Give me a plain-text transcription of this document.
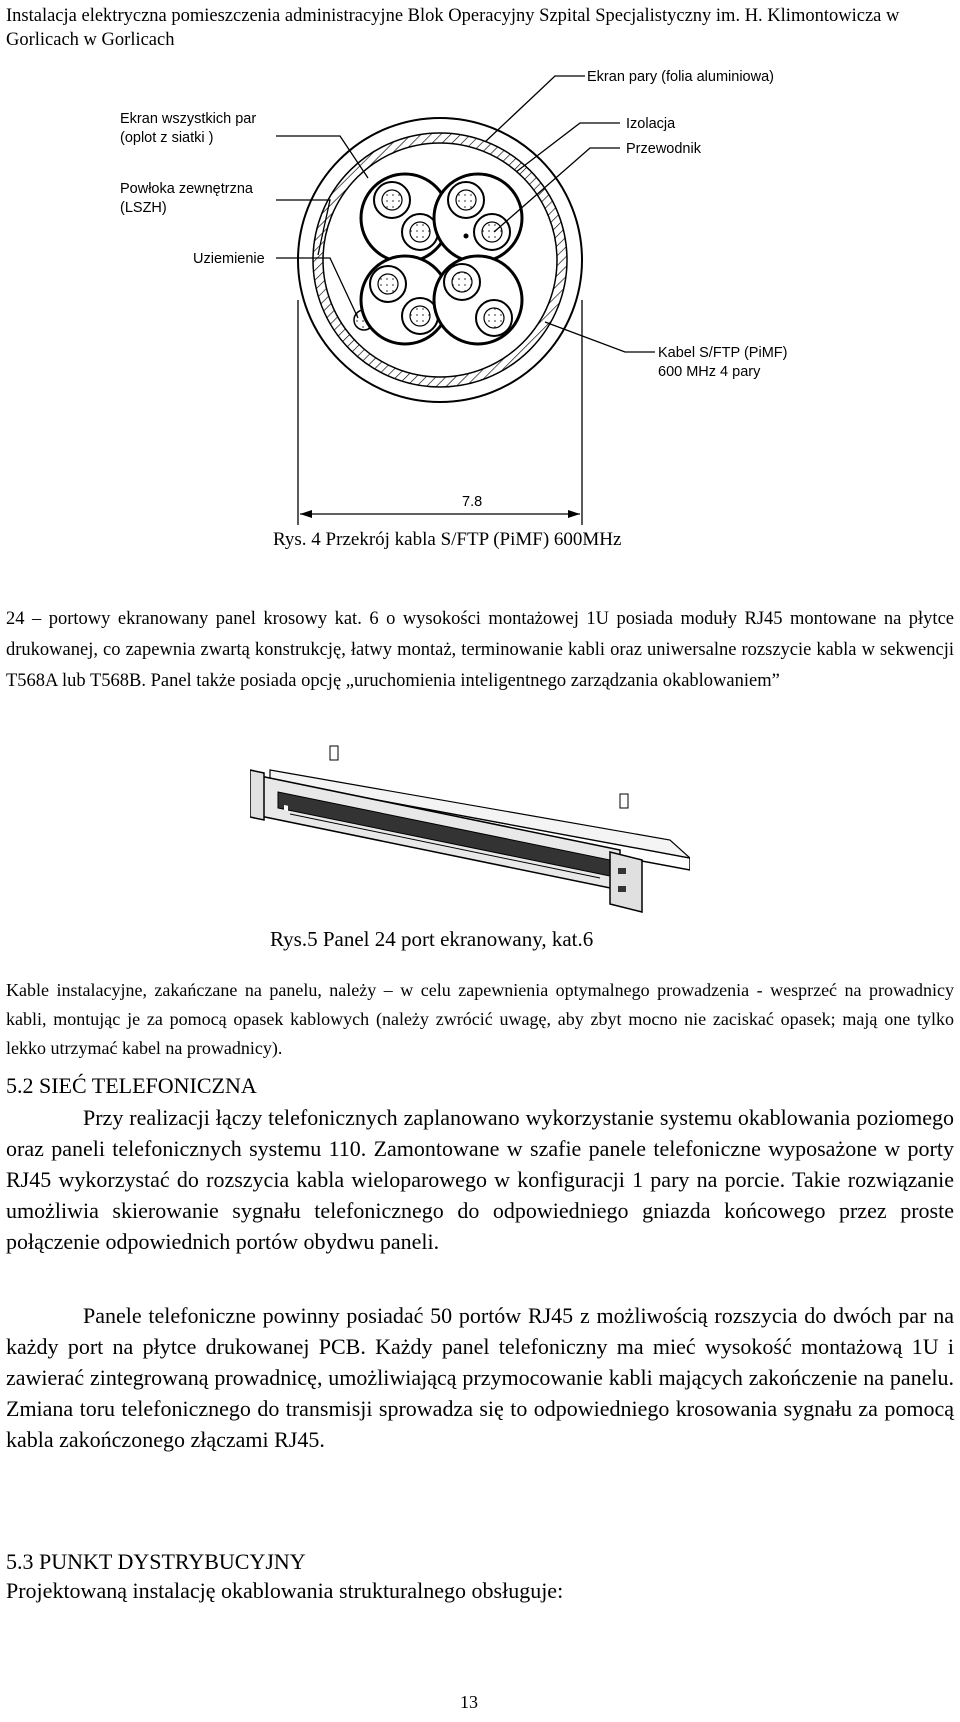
Instalacja elektryczna pomieszczenia administracyjne Blok Operacyjny Szpital Specjalistyczny im. H. Klimontowicza w Gorlicach w Gorlicach
Ekran pary (folia aluminiowa)
Ekran wszystkich par
(oplot z siatki )
Izolacja
Przewodnik
Powłoka zewnętrzna
(LSZH)
Uziemienie
Kabel S/FTP (PiMF)
600 MHz 4 pary
7.8
Rys. 4 Przekrój kabla S/FTP (PiMF) 600MHz
24 – portowy ekranowany panel krosowy kat. 6 o wysokości montażowej 1U posiada moduły RJ45 montowane na płytce drukowanej, co zapewnia zwartą konstrukcję, łatwy montaż, terminowanie kabli oraz uniwersalne rozszycie kabla w sekwencji T568A lub T568B. Panel także posiada opcję „uruchomienia inteligentnego zarządzania okablowaniem”
Rys.5 Panel 24 port ekranowany, kat.6
Kable instalacyjne, zakańczane na panelu, należy – w celu zapewnienia optymalnego prowadzenia - wesprzeć na prowadnicy kabli, montując je za pomocą opasek kablowych (należy zwrócić uwagę, aby zbyt mocno nie zaciskać opasek; mają one tylko lekko utrzymać kabel na prowadnicy).
5.2 SIEĆ TELEFONICZNA
Przy realizacji łączy telefonicznych zaplanowano wykorzystanie systemu okablowania poziomego oraz paneli telefonicznych systemu 110. Zamontowane w szafie panele telefoniczne wyposażone w porty RJ45 wykorzystać do rozszycia kabla wieloparowego w konfiguracji 1 pary na porcie. Takie rozwiązanie umożliwia skierowanie sygnału telefonicznego do odpowiedniego gniazda końcowego przez proste połączenie odpowiednich portów obydwu paneli.
Panele telefoniczne powinny posiadać 50 portów RJ45 z możliwością rozszycia do dwóch par na każdy port na płytce drukowanej PCB. Każdy panel telefoniczny ma mieć wysokość montażową 1U i zawierać zintegrowaną prowadnicę, umożliwiającą przymocowanie kabli mających zakończenie na panelu. Zmiana toru telefonicznego do transmisji sprowadza się to odpowiedniego krosowania sygnału za pomocą kabla zakończonego złączami RJ45.
5.3 PUNKT DYSTRYBUCYJNY
Projektowaną instalację okablowania strukturalnego obsługuje:
13
